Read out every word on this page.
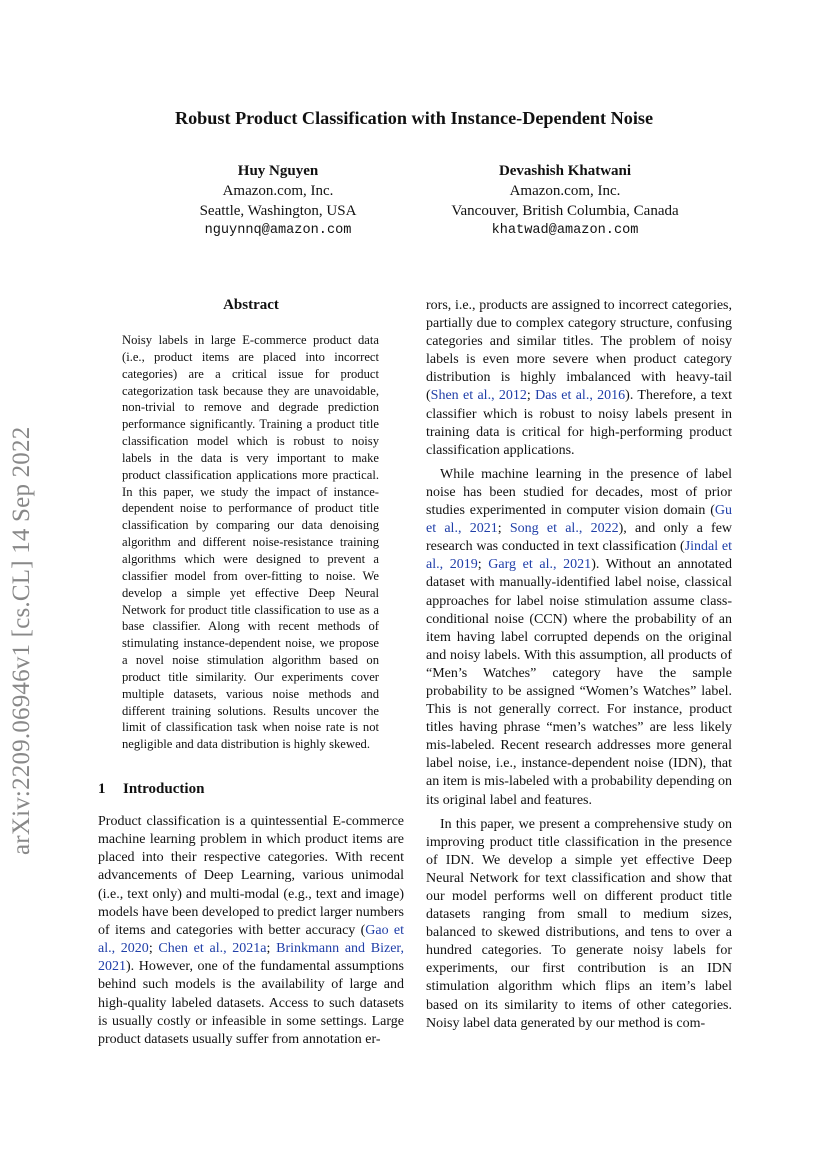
Robust Product Classification with Instance-Dependent Noise
Huy Nguyen
Amazon.com, Inc.
Seattle, Washington, USA
nguynnq@amazon.com
Devashish Khatwani
Amazon.com, Inc.
Vancouver, British Columbia, Canada
khatwad@amazon.com
arXiv:2209.06946v1 [cs.CL] 14 Sep 2022
Abstract
Noisy labels in large E-commerce product data (i.e., product items are placed into incorrect categories) are a critical issue for product categorization task because they are unavoidable, non-trivial to remove and degrade prediction performance significantly. Training a product title classification model which is robust to noisy labels in the data is very important to make product classification applications more practical. In this paper, we study the impact of instance-dependent noise to performance of product title classification by comparing our data denoising algorithm and different noise-resistance training algorithms which were designed to prevent a classifier model from over-fitting to noise. We develop a simple yet effective Deep Neural Network for product title classification to use as a base classifier. Along with recent methods of stimulating instance-dependent noise, we propose a novel noise stimulation algorithm based on product title similarity. Our experiments cover multiple datasets, various noise methods and different training solutions. Results uncover the limit of classification task when noise rate is not negligible and data distribution is highly skewed.
1 Introduction

Product classification is a quintessential E-commerce machine learning problem in which product items are placed into their respective categories. With recent advancements of Deep Learning, various unimodal (i.e., text only) and multi-modal (e.g., text and image) models have been developed to predict larger numbers of items and categories with better accuracy (Gao et al., 2020; Chen et al., 2021a; Brinkmann and Bizer, 2021). However, one of the fundamental assumptions behind such models is the availability of large and high-quality labeled datasets. Access to such datasets is usually costly or infeasible in some settings. Large product datasets usually suffer from annotation er-

rors, i.e., products are assigned to incorrect categories, partially due to complex category structure, confusing categories and similar titles. The problem of noisy labels is even more severe when product category distribution is highly imbalanced with heavy-tail (Shen et al., 2012; Das et al., 2016). Therefore, a text classifier which is robust to noisy labels present in training data is critical for high-performing product classification applications.

While machine learning in the presence of label noise has been studied for decades, most of prior studies experimented in computer vision domain (Gu et al., 2021; Song et al., 2022), and only a few research was conducted in text classification (Jindal et al., 2019; Garg et al., 2021). Without an annotated dataset with manually-identified label noise, classical approaches for label noise stimulation assume class-conditional noise (CCN) where the probability of an item having label corrupted depends on the original and noisy labels. With this assumption, all products of “Men’s Watches” category have the sample probability to be assigned “Women’s Watches” label. This is not generally correct. For instance, product titles having phrase “men’s watches” are less likely mis-labeled. Recent research addresses more general label noise, i.e., instance-dependent noise (IDN), that an item is mis-labeled with a probability depending on its original label and features.

In this paper, we present a comprehensive study on improving product title classification in the presence of IDN. We develop a simple yet effective Deep Neural Network for text classification and show that our model performs well on different product title datasets ranging from small to medium sizes, balanced to skewed distributions, and tens to over a hundred categories. To generate noisy labels for experiments, our first contribution is an IDN stimulation algorithm which flips an item’s label based on its similarity to items of other categories. Noisy label data generated by our method is com-
